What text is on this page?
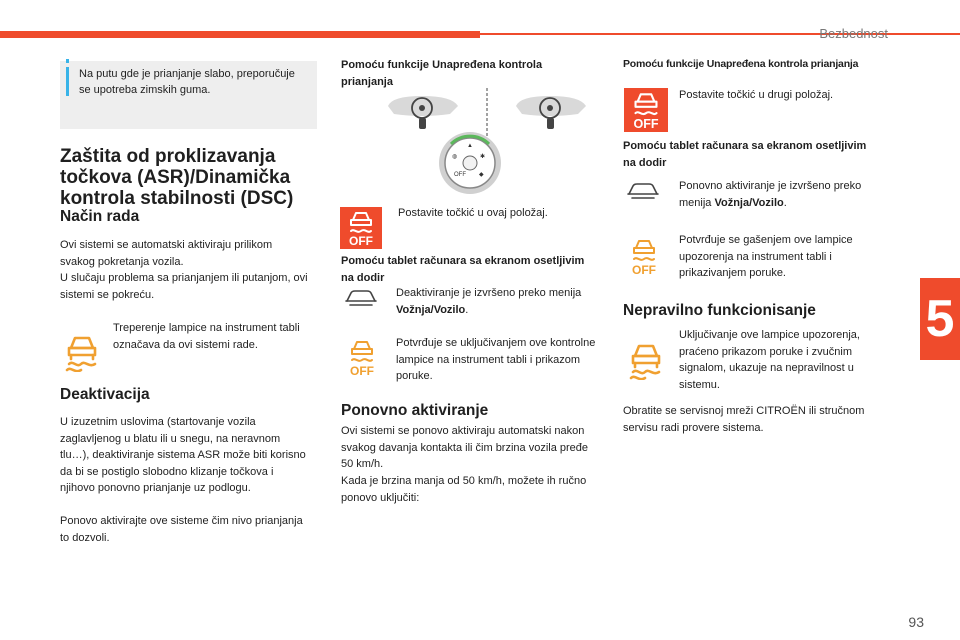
Bezbednost
5
93
Na putu gde je prianjanje slabo, preporučuje se upotreba zimskih guma.
Zaštita od proklizavanja točkova (ASR)/Dinamička kontrola stabilnosti (DSC)
Način rada
Ovi sistemi se automatski aktiviraju prilikom svakog pokretanja vozila.
U slučaju problema sa prianjanjem ili putanjom, ovi sistemi se pokreću.
Treperenje lampice na instrument tabli označava da ovi sistemi rade.
Deaktivacija
U izuzetnim uslovima (startovanje vozila zaglavljenog u blatu ili u snegu, na neravnom tlu…), deaktiviranje sistema ASR može biti korisno da bi se postiglo slobodno klizanje točkova i njihovo ponovno prianjanje uz podlogu.
Ponovo aktivirajte ove sisteme čim nivo prianjanja to dozvoli.
Pomoću funkcije Unapređena kontrola prianjanja
◍
▲
✱
OFF ◆
OFF
Postavite točkić u ovaj položaj.
Pomoću tablet računara sa ekranom osetljivim na dodir
Deaktiviranje je izvršeno preko menija Vožnja/Vozilo.
OFF
Potvrđuje se uključivanjem ove kontrolne lampice na instrument tabli i prikazom poruke.
Ponovno aktiviranje
Ovi sistemi se ponovo aktiviraju automatski nakon svakog davanja kontakta ili čim brzina vozila pređe 50 km/h.
Kada je brzina manja od 50 km/h, možete ih ručno ponovo uključiti:
Pomoću funkcije Unapređena kontrola prianjanja
OFF
Postavite točkić u drugi položaj.
Pomoću tablet računara sa ekranom osetljivim na dodir
Ponovno aktiviranje je izvršeno preko menija Vožnja/Vozilo.
OFF
Potvrđuje se gašenjem ove lampice upozorenja na instrument tabli i prikazivanjem poruke.
Nepravilno funkcionisanje
Uključivanje ove lampice upozorenja, praćeno prikazom poruke i zvučnim signalom, ukazuje na nepravilnost u sistemu.
Obratite se servisnoj mreži CITROËN ili stručnom servisu radi provere sistema.
